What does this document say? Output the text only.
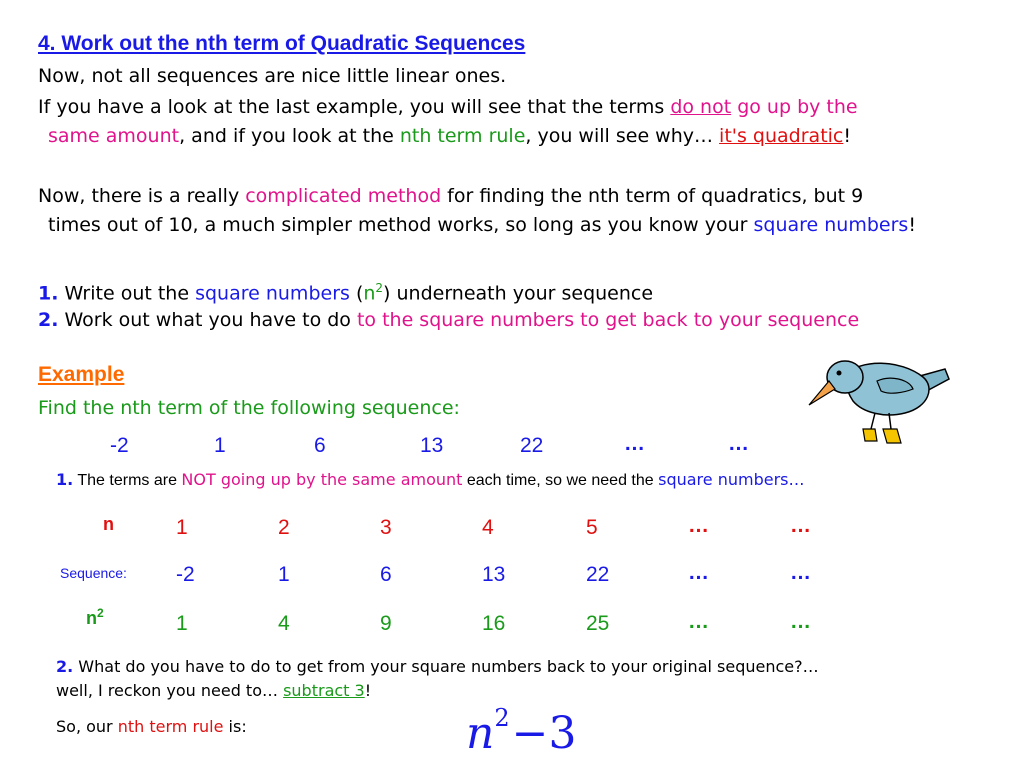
4. Work out the nth term of Quadratic Sequences
Now, not all sequences are nice little linear ones.
If you have a look at the last example, you will see that the terms do not go up by the
same amount, and if you look at the nth term rule, you will see why… it's quadratic!
Now, there is a really complicated method for finding the nth term of quadratics, but 9
times out of 10, a much simpler method works, so long as you know your square numbers!
1. Write out the square numbers $(n^2)$ underneath your sequence
2. Work out what you have to do to the square numbers to get back to your sequence
Example
Find the nth term of the following sequence:
-2	1	6	13	22	…	…
1. The terms are NOT going up by the same amount each time, so we need the square numbers…
n	1	2	3	4	5	…	…
Sequence: -2	1	6	13	22	…	…
$n^2$	1	4	9	16	25	…	…
2. What do you have to do to get from your square numbers back to your original sequence?…
well, I reckon you need to… subtract 3!
So, our nth term rule is:	$n^2-3$
